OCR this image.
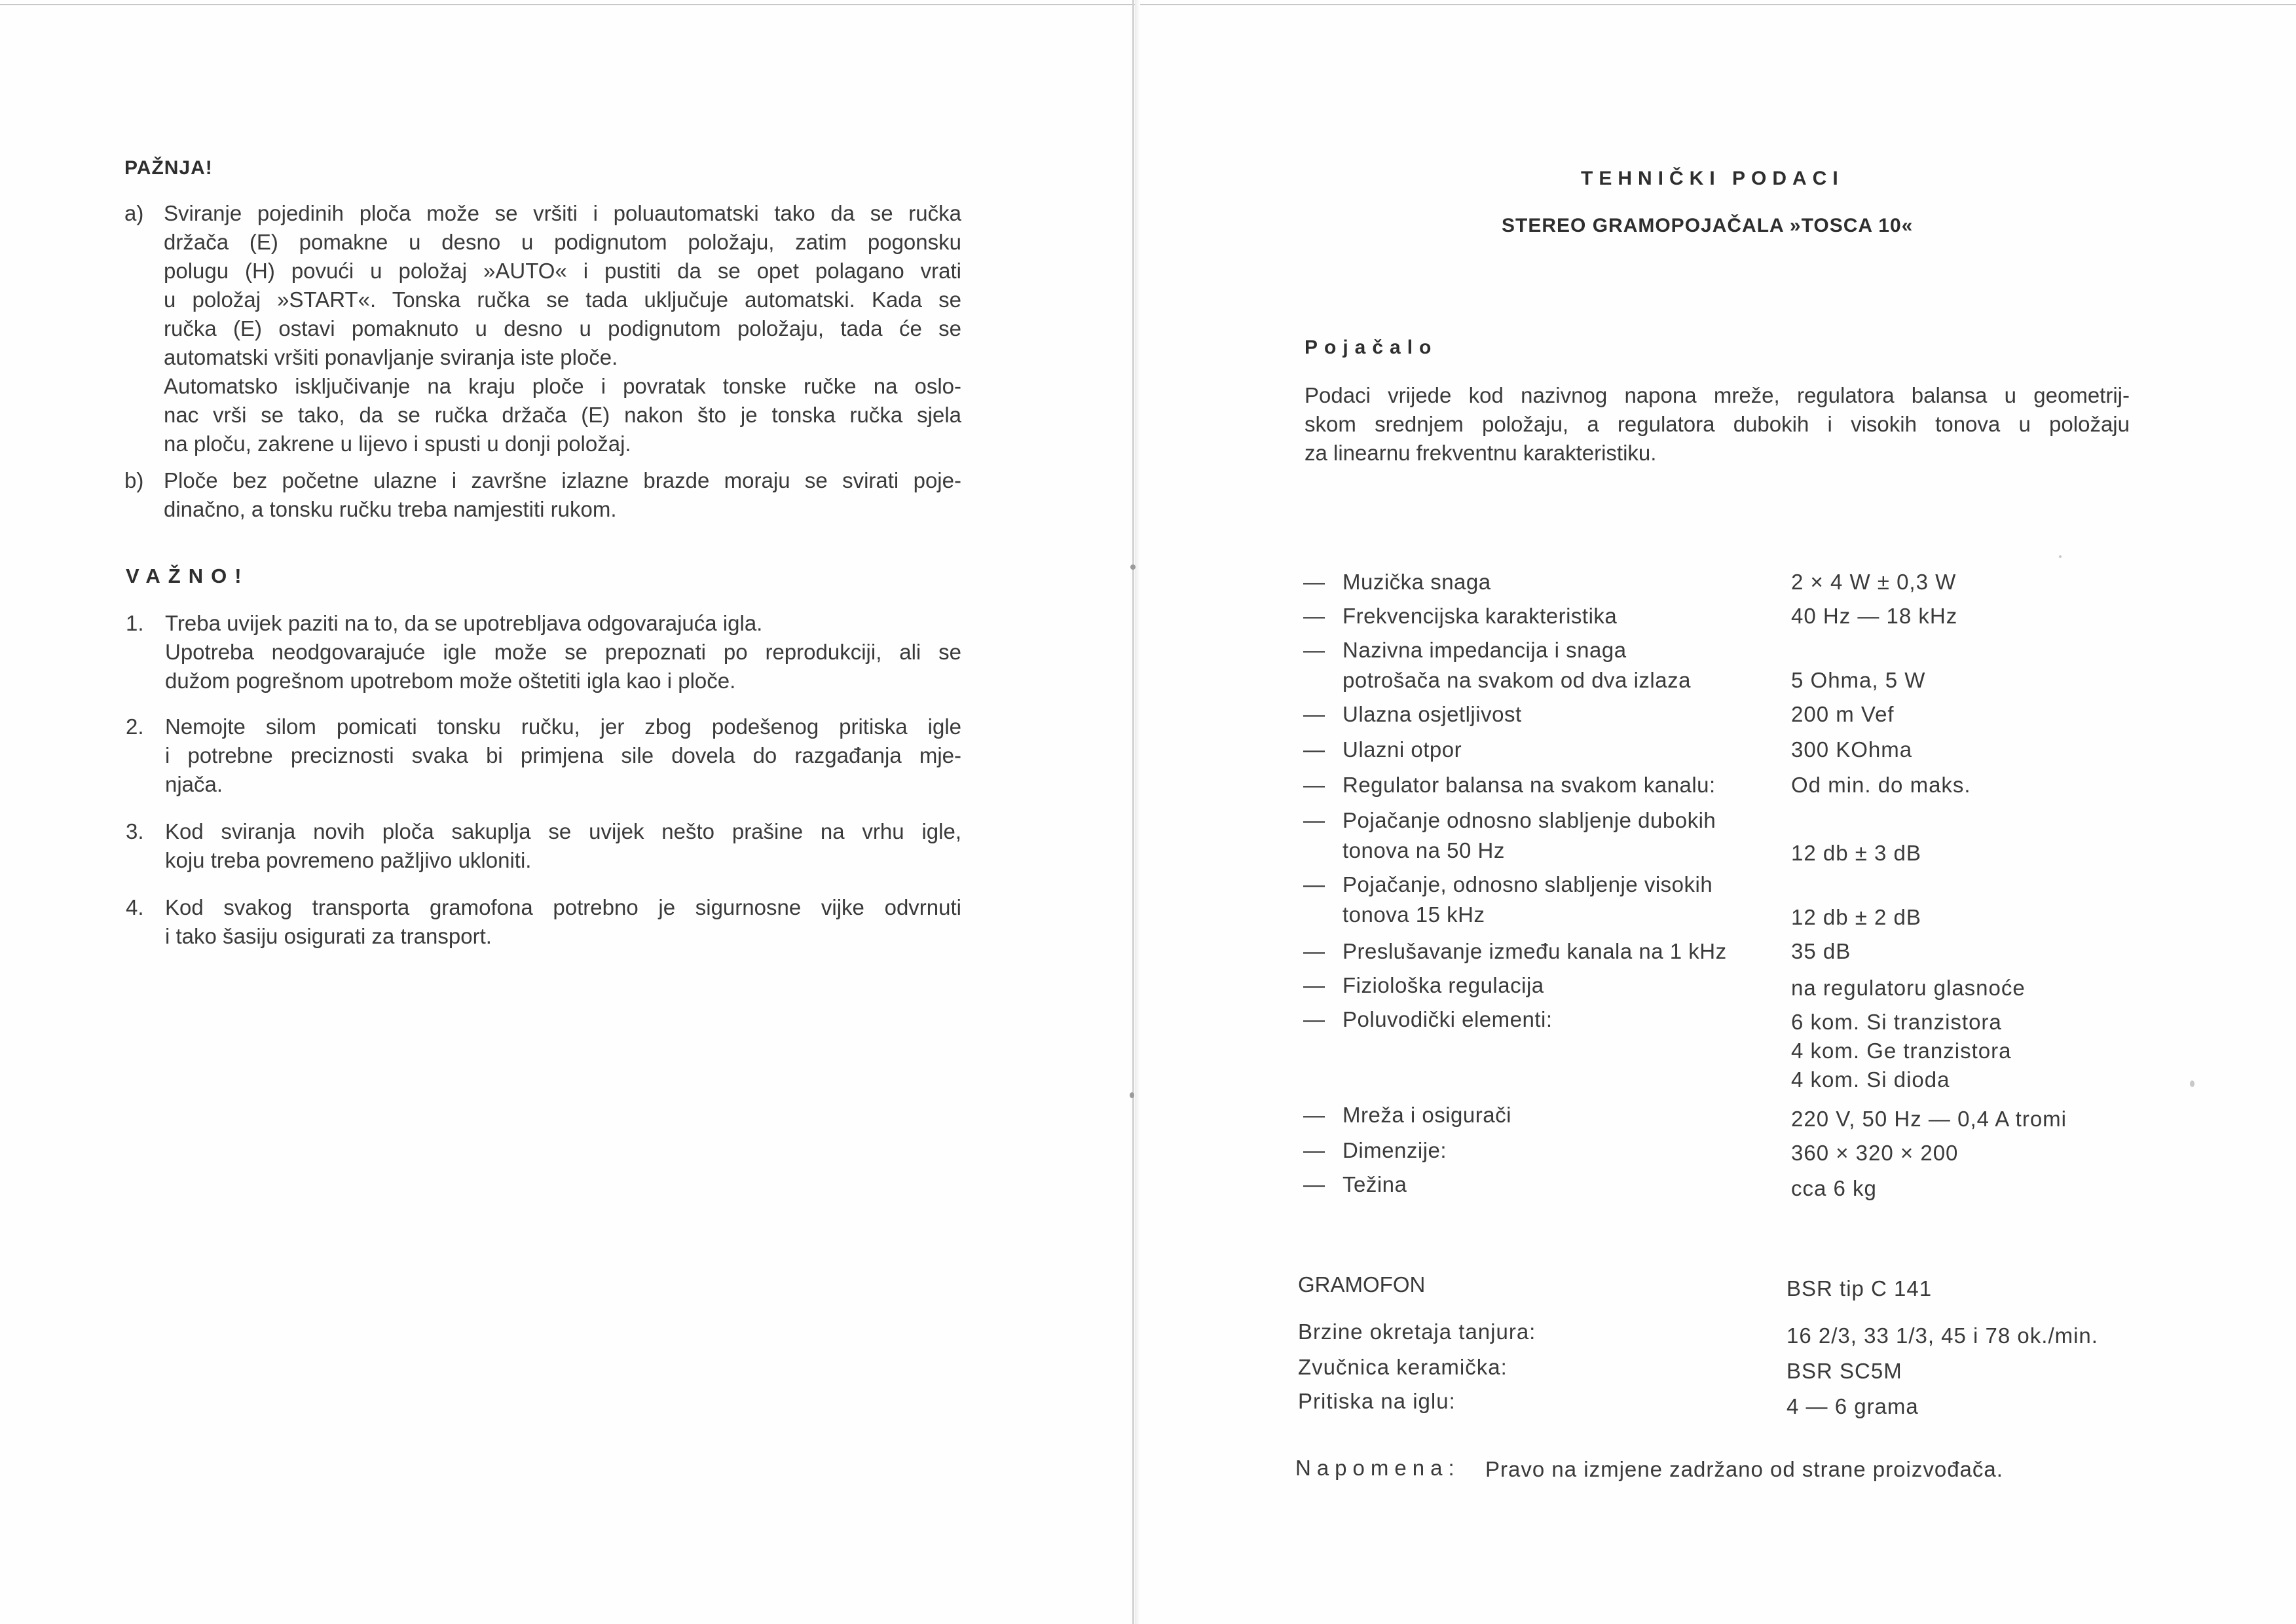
PAŽNJA!
a) Sviranje pojedinih ploča može se vršiti i poluautomatski tako da se ručka
držača (E) pomakne u desno u podignutom položaju, zatim pogonsku
polugu (H) povući u položaj »AUTO« i pustiti da se opet polagano vrati
u položaj »START«. Tonska ručka se tada uključuje automatski. Kada se
ručka (E) ostavi pomaknuto u desno u podignutom položaju, tada će se
automatski vršiti ponavljanje sviranja iste ploče.
Automatsko isključivanje na kraju ploče i povratak tonske ručke na oslo-
nac vrši se tako, da se ručka držača (E) nakon što je tonska ručka sjela
na ploču, zakrene u lijevo i spusti u donji položaj.
b) Ploče bez početne ulazne i završne izlazne brazde moraju se svirati poje-
dinačno, a tonsku ručku treba namjestiti rukom.
VAŽNO!
1. Treba uvijek paziti na to, da se upotrebljava odgovarajuća igla.
Upotreba neodgovarajuće igle može se prepoznati po reprodukciji, ali se
dužom pogrešnom upotrebom može oštetiti igla kao i ploče.
2. Nemojte silom pomicati tonsku ručku, jer zbog podešenog pritiska igle
i potrebne preciznosti svaka bi primjena sile dovela do razgađanja mje-
njača.
3. Kod sviranja novih ploča sakuplja se uvijek nešto prašine na vrhu igle,
koju treba povremeno pažljivo ukloniti.
4. Kod svakog transporta gramofona potrebno je sigurnosne vijke odvrnuti
i tako šasiju osigurati za transport.
TEHNIČKI PODACI
STEREO GRAMOPOJAČALA »TOSCA 10«
Pojačalo
Podaci vrijede kod nazivnog napona mreže, regulatora balansa u geometrij-
skom srednjem položaju, a regulatora dubokih i visokih tonova u položaju
za linearnu frekventnu karakteristiku.
— Muzička snaga	2 × 4 W ± 0,3 W
— Frekvencijska karakteristika	40 Hz — 18 kHz
— Nazivna impedancija i snaga
potrošača na svakom od dva izlaza	5 Ohma, 5 W
— Ulazna osjetljivost	200 m Vef
— Ulazni otpor	300 KOhma
— Regulator balansa na svakom kanalu:	Od min. do maks.
— Pojačanje odnosno slabljenje dubokih
tonova na 50 Hz	12 db ± 3 dB
— Pojačanje, odnosno slabljenje visokih
tonova 15 kHz	12 db ± 2 dB
— Preslušavanje između kanala na 1 kHz	35 dB
— Fiziološka regulacija	na regulatoru glasnoće
— Poluvodički elementi:	6 kom. Si tranzistora
4 kom. Ge tranzistora
4 kom. Si dioda
— Mreža i osigurači	220 V, 50 Hz — 0,4 A tromi
— Dimenzije:	360 × 320 × 200
— Težina	cca 6 kg
GRAMOFON	BSR tip C 141
Brzine okretaja tanjura:	16 2/3, 33 1/3, 45 i 78 ok./min.
Zvučnica keramička:	BSR SC5M
Pritiska na iglu:	4 — 6 grama
Napomena: Pravo na izmjene zadržano od strane proizvođača.
